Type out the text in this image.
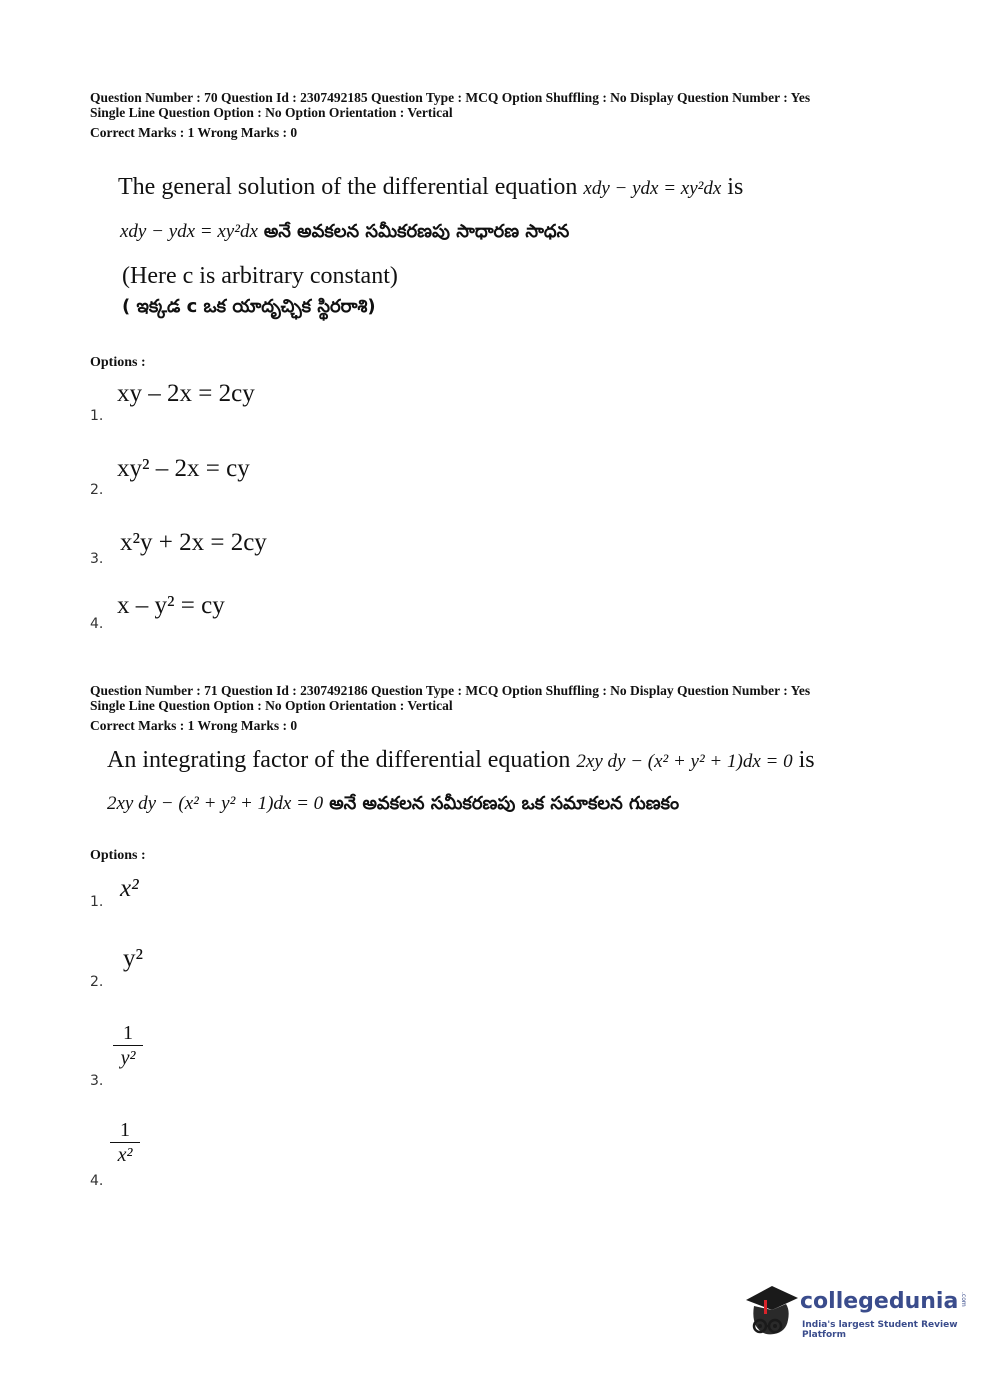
Question Number : 70 Question Id : 2307492185 Question Type : MCQ Option Shuffling : No Display Question Number : Yes
Single Line Question Option : No Option Orientation : Vertical
Correct Marks : 1 Wrong Marks : 0
The general solution of the differential equation xdy − ydx = xy²dx is
xdy − ydx = xy²dx అనే అవకలన సమీకరణపు సాధారణ సాధన
(Here c is arbitrary constant)
( ఇక్కడ c ఒక యాదృచ్ఛిక స్థిరరాశి)
Options :
xy – 2x = 2cy
1.
xy² – 2x = cy
2.
x²y + 2x = 2cy
3.
x – y² = cy
4.
Question Number : 71 Question Id : 2307492186 Question Type : MCQ Option Shuffling : No Display Question Number : Yes
Single Line Question Option : No Option Orientation : Vertical
Correct Marks : 1 Wrong Marks : 0
An integrating factor of the differential equation 2xy dy − (x² + y² + 1)dx = 0 is
2xy dy − (x² + y² + 1)dx = 0 అనే అవకలన సమీకరణపు ఒక సమాకలన గుణకం
Options :
x²
1.
y²
2.
1
y²
3.
1
x²
4.
collegedunia .com
India's largest Student Review Platform
